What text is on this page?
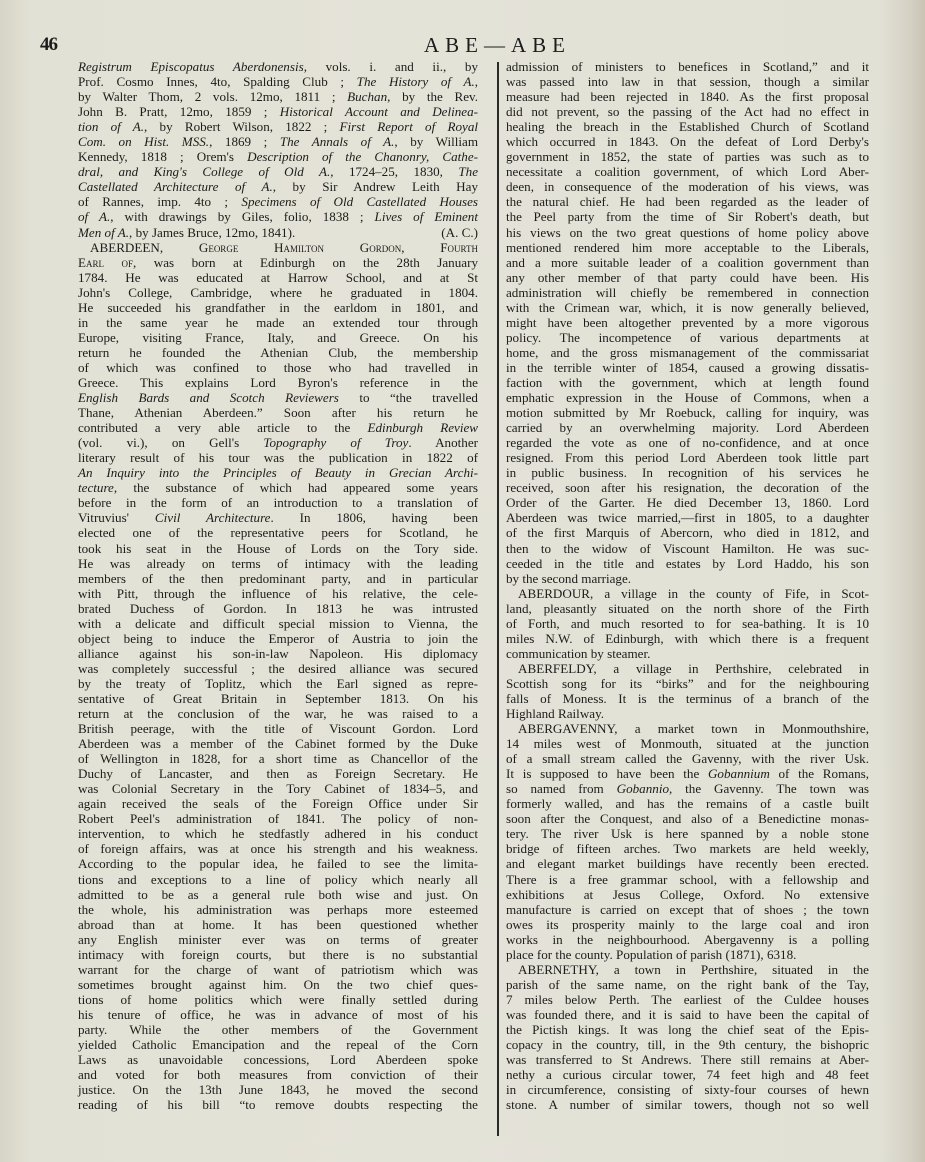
46	ABE—ABE
Registrum Episcopatus Aberdonensis, vols. i. and ii., by
Prof. Cosmo Innes, 4to, Spalding Club ; The History of A.,
by Walter Thom, 2 vols. 12mo, 1811 ; Buchan, by the Rev.
John B. Pratt, 12mo, 1859 ; Historical Account and Delinea-
tion of A., by Robert Wilson, 1822 ; First Report of Royal
Com. on Hist. MSS., 1869 ; The Annals of A., by William
Kennedy, 1818 ; Orem's Description of the Chanonry, Cathe-
dral, and King's College of Old A., 1724–25, 1830, The
Castellated Architecture of A., by Sir Andrew Leith Hay
of Rannes, imp. 4to ; Specimens of Old Castellated Houses
of A., with drawings by Giles, folio, 1838 ; Lives of Eminent
Men of A., by James Bruce, 12mo, 1841).	(A. C.)
ABERDEEN, George Hamilton Gordon, Fourth
Earl of, was born at Edinburgh on the 28th January
1784. He was educated at Harrow School, and at St
John's College, Cambridge, where he graduated in 1804.
He succeeded his grandfather in the earldom in 1801, and
in the same year he made an extended tour through
Europe, visiting France, Italy, and Greece. On his
return he founded the Athenian Club, the membership
of which was confined to those who had travelled in
Greece. This explains Lord Byron's reference in the
English Bards and Scotch Reviewers to “the travelled
Thane, Athenian Aberdeen.” Soon after his return he
contributed a very able article to the Edinburgh Review
(vol. vi.), on Gell's Topography of Troy. Another
literary result of his tour was the publication in 1822 of
An Inquiry into the Principles of Beauty in Grecian Archi-
tecture, the substance of which had appeared some years
before in the form of an introduction to a translation of
Vitruvius' Civil Architecture. In 1806, having been
elected one of the representative peers for Scotland, he
took his seat in the House of Lords on the Tory side.
He was already on terms of intimacy with the leading
members of the then predominant party, and in particular
with Pitt, through the influence of his relative, the cele-
brated Duchess of Gordon. In 1813 he was intrusted
with a delicate and difficult special mission to Vienna, the
object being to induce the Emperor of Austria to join the
alliance against his son-in-law Napoleon. His diplomacy
was completely successful ; the desired alliance was secured
by the treaty of Toplitz, which the Earl signed as repre-
sentative of Great Britain in September 1813. On his
return at the conclusion of the war, he was raised to a
British peerage, with the title of Viscount Gordon. Lord
Aberdeen was a member of the Cabinet formed by the Duke
of Wellington in 1828, for a short time as Chancellor of the
Duchy of Lancaster, and then as Foreign Secretary. He
was Colonial Secretary in the Tory Cabinet of 1834–5, and
again received the seals of the Foreign Office under Sir
Robert Peel's administration of 1841. The policy of non-
intervention, to which he stedfastly adhered in his conduct
of foreign affairs, was at once his strength and his weakness.
According to the popular idea, he failed to see the limita-
tions and exceptions to a line of policy which nearly all
admitted to be as a general rule both wise and just. On
the whole, his administration was perhaps more esteemed
abroad than at home. It has been questioned whether
any English minister ever was on terms of greater
intimacy with foreign courts, but there is no substantial
warrant for the charge of want of patriotism which was
sometimes brought against him. On the two chief ques-
tions of home politics which were finally settled during
his tenure of office, he was in advance of most of his
party. While the other members of the Government
yielded Catholic Emancipation and the repeal of the Corn
Laws as unavoidable concessions, Lord Aberdeen spoke
and voted for both measures from conviction of their
justice. On the 13th June 1843, he moved the second
reading of his bill “to remove doubts respecting the
admission of ministers to benefices in Scotland,” and it
was passed into law in that session, though a similar
measure had been rejected in 1840. As the first proposal
did not prevent, so the passing of the Act had no effect in
healing the breach in the Established Church of Scotland
which occurred in 1843. On the defeat of Lord Derby's
government in 1852, the state of parties was such as to
necessitate a coalition government, of which Lord Aber-
deen, in consequence of the moderation of his views, was
the natural chief. He had been regarded as the leader of
the Peel party from the time of Sir Robert's death, but
his views on the two great questions of home policy above
mentioned rendered him more acceptable to the Liberals,
and a more suitable leader of a coalition government than
any other member of that party could have been. His
administration will chiefly be remembered in connection
with the Crimean war, which, it is now generally believed,
might have been altogether prevented by a more vigorous
policy. The incompetence of various departments at
home, and the gross mismanagement of the commissariat
in the terrible winter of 1854, caused a growing dissatis-
faction with the government, which at length found
emphatic expression in the House of Commons, when a
motion submitted by Mr Roebuck, calling for inquiry, was
carried by an overwhelming majority. Lord Aberdeen
regarded the vote as one of no-confidence, and at once
resigned. From this period Lord Aberdeen took little part
in public business. In recognition of his services he
received, soon after his resignation, the decoration of the
Order of the Garter. He died December 13, 1860. Lord
Aberdeen was twice married,—first in 1805, to a daughter
of the first Marquis of Abercorn, who died in 1812, and
then to the widow of Viscount Hamilton. He was suc-
ceeded in the title and estates by Lord Haddo, his son
by the second marriage.
ABERDOUR, a village in the county of Fife, in Scot-
land, pleasantly situated on the north shore of the Firth
of Forth, and much resorted to for sea-bathing. It is 10
miles N.W. of Edinburgh, with which there is a frequent
communication by steamer.
ABERFELDY, a village in Perthshire, celebrated in
Scottish song for its “birks” and for the neighbouring
falls of Moness. It is the terminus of a branch of the
Highland Railway.
ABERGAVENNY, a market town in Monmouthshire,
14 miles west of Monmouth, situated at the junction
of a small stream called the Gavenny, with the river Usk.
It is supposed to have been the Gobannium of the Romans,
so named from Gobannio, the Gavenny. The town was
formerly walled, and has the remains of a castle built
soon after the Conquest, and also of a Benedictine monas-
tery. The river Usk is here spanned by a noble stone
bridge of fifteen arches. Two markets are held weekly,
and elegant market buildings have recently been erected.
There is a free grammar school, with a fellowship and
exhibitions at Jesus College, Oxford. No extensive
manufacture is carried on except that of shoes ; the town
owes its prosperity mainly to the large coal and iron
works in the neighbourhood. Abergavenny is a polling
place for the county. Population of parish (1871), 6318.
ABERNETHY, a town in Perthshire, situated in the
parish of the same name, on the right bank of the Tay,
7 miles below Perth. The earliest of the Culdee houses
was founded there, and it is said to have been the capital of
the Pictish kings. It was long the chief seat of the Epis-
copacy in the country, till, in the 9th century, the bishopric
was transferred to St Andrews. There still remains at Aber-
nethy a curious circular tower, 74 feet high and 48 feet
in circumference, consisting of sixty-four courses of hewn
stone. A number of similar towers, though not so well
